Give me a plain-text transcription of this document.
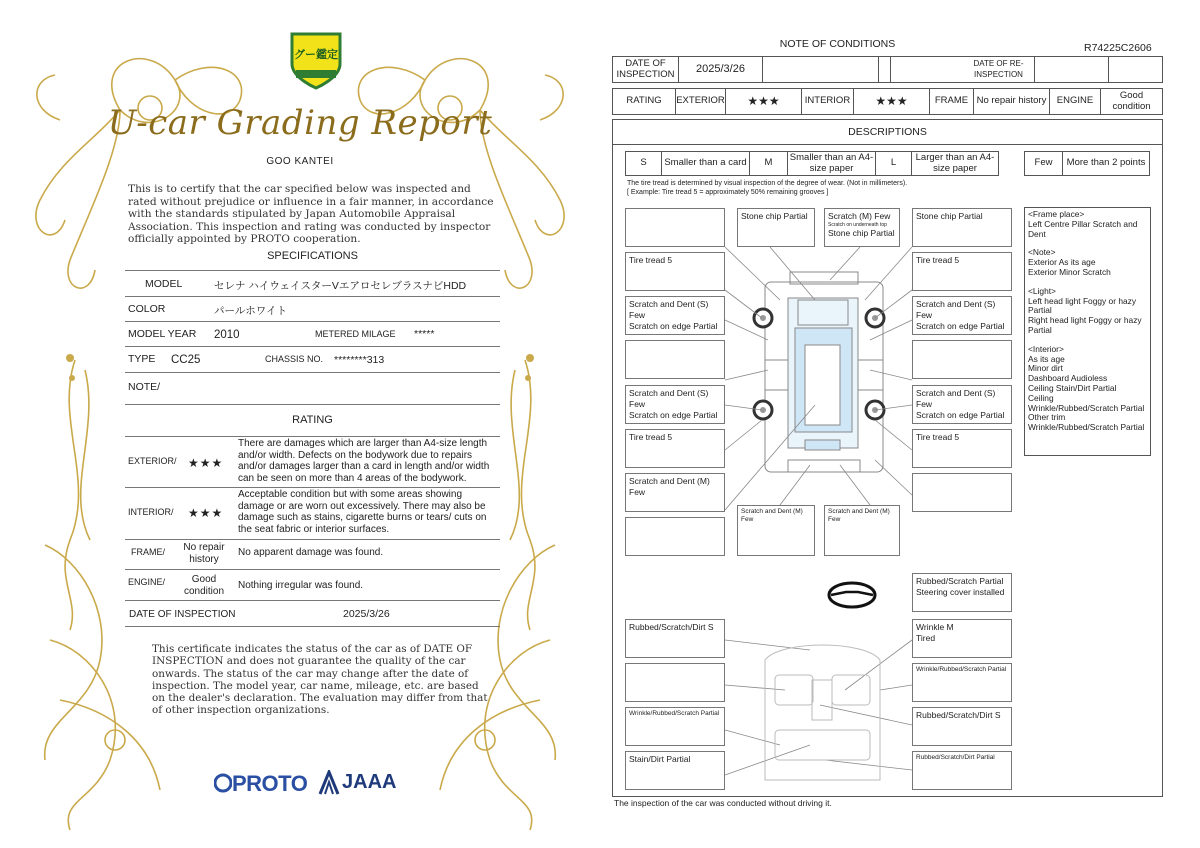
グー鑑定
U-car Grading Report
GOO KANTEI
This is to certify that the car specified below was inspected and rated without prejudice or influence in a fair manner, in accordance with the standards stipulated by Japan Automobile Appraisal Association. This inspection and rating was conducted by inspector officially appointed by PROTO cooperation.
SPECIFICATIONS
MODEL	セレナ ハイウェイスターVエアロセレブラスナビHDD
COLOR	パールホワイト
MODEL YEAR 2010	METERED MILAGE *****
TYPE CC25	CHASSIS NO. ********313
NOTE/
RATING
EXTERIOR/ ★★★
There are damages which are larger than A4-size length and/or width. Defects on the bodywork due to repairs and/or damages larger than a card in length and/or width can be seen on more than 4 areas of the bodywork.
INTERIOR/ ★★★
Acceptable condition but with some areas showing damage or are worn out excessively. There may also be damage such as stains, cigarette burns or tears/ cuts on the seat fabric or interior surfaces.
FRAME/	No repair history
No apparent damage was found.
ENGINE/	Good condition
Nothing irregular was found.
DATE OF INSPECTION	2025/3/26
This certificate indicates the status of the car as of DATE OF INSPECTION and does not guarantee the quality of the car onwards. The status of the car may change after the date of inspection. The model year, car name, mileage, etc. are based on the dealer's declaration. The evaluation may differ from that of other inspection organizations.
PROTO JAAA
NOTE OF CONDITIONS	R74225C2606
DATE OF INSPECTION	2025/3/26	DATE OF RE-INSPECTION
RATING	EXTERIOR	★★★	INTERIOR	★★★	FRAME No repair history	ENGINE	Good condition
DESCRIPTIONS
S	Smaller than a card	M	Smaller than an A4-size paper	L	Larger than an A4-size paper	Few	More than 2 points
The tire tread is determined by visual inspection of the degree of wear. (Not in millimeters).
[ Example: Tire tread 5 = approximately 50% remaining grooves ]
Stone chip Partial	Scratch (M) Few
Scratch on underneath top
Stone chip Partial
Stone chip Partial
Tire tread 5	Tire tread 5
Scratch and Dent (S) Few
Scratch on edge Partial
Scratch and Dent (S) Few
Scratch on edge Partial
Scratch and Dent (S) Few
Scratch on edge Partial
Scratch and Dent (S) Few
Scratch on edge Partial
Tire tread 5	Tire tread 5
Scratch and Dent (M) Few
Scratch and Dent (M) Few
Scratch and Dent (M) Few
Rubbed/Scratch Partial
Steering cover installed
Rubbed/Scratch/Dirt S	Wrinkle M
Tired
Wrinkle/Rubbed/Scratch Partial
Wrinkle/Rubbed/Scratch Partial	Rubbed/Scratch/Dirt S
Stain/Dirt Partial	Rubbed/Scratch/Dirt Partial
<Frame place>
Left Centre Pillar Scratch and Dent
<Note>
Exterior As its age
Exterior Minor Scratch
<Light>
Left head light Foggy or hazy Partial
Right head light Foggy or hazy Partial
<Interior>
As its age
Minor dirt
Dashboard Audioless
Ceiling Stain/Dirt Partial
Ceiling
Wrinkle/Rubbed/Scratch Partial
Other trim
Wrinkle/Rubbed/Scratch Partial
The inspection of the car was conducted without driving it.
